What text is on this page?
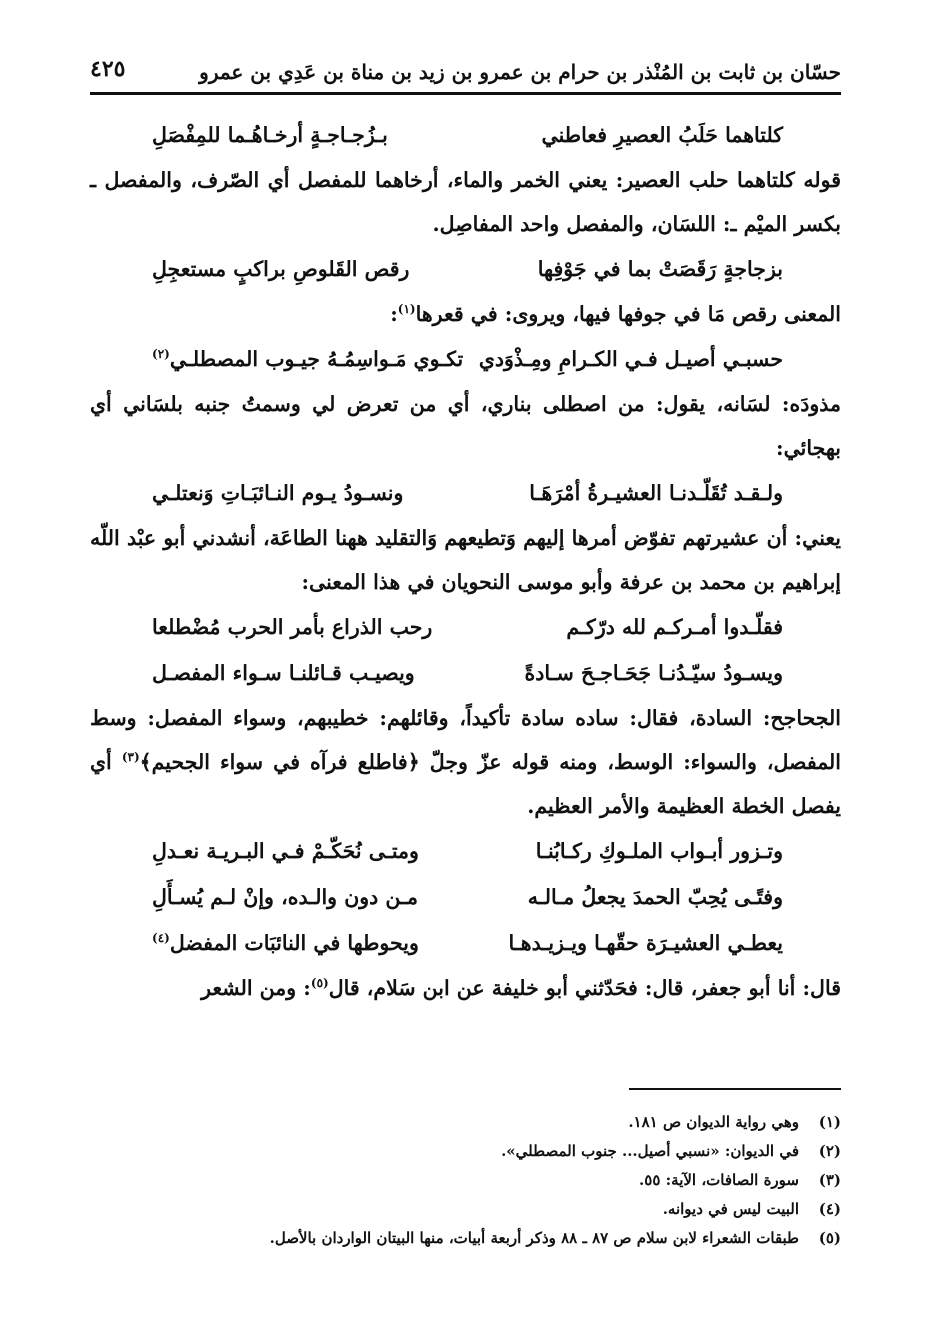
حسّان بن ثابت بن المُنْذر بن حرام بن عمرو بن زيد بن مناة بن عَدِي بن عمرو
٤٢٥
كلتاهما حَلَبُ العصيرِ فعاطني
بـزُجـاجـةٍ أرخـاهُـما للمِفْصَلِ

قوله كلتاهما حلب العصير: يعني الخمر والماء، أرخاهما للمفصل أي الصّرف، والمفصل ـ بكسر الميْم ـ: اللسَان، والمفصل واحد المفاصِل.

بزجاجةٍ رَقَصَتْ بما في جَوْفِها
رقص القَلوصِ براكبٍ مستعجِلِ

المعنى رقص مَا في جوفها فيها، ويروى: في قعرها$^{(١)}$:

حسبـي أصيـل فـي الكـرامِ ومِـذْوَدي
تكـوي مَـواسِمُـهُ جيـوب المصطلـي$^{(٢)}$

مذودَه: لسَانه، يقول: من اصطلى بناري، أي من تعرض لي وسمتُ جنبه بلسَاني أي بهجائي:

ولـقـد تُقَلّـدنـا العشيـرةُ أمْرَهَـا
ونسـودُ يـوم النـائبَـاتِ وَنعتلـي

يعني: أن عشيرتهم تفوّض أمرها إليهم وَتطيعهم وَالتقليد ههنا الطاعَة، أنشدني أبو عبْد اللّه إبراهيم بن محمد بن عرفة وأبو موسى النحويان في هذا المعنى:

فقلّـدوا أمـركـم لله درّكـم
رحب الذراع بأمر الحرب مُضْطلعا
ويسـودُ سيّـدُنـا جَحَـاجـحَ سـادةً
ويصيـب قـائلنـا سـواء المفصـل

الجحاجح: السادة، فقال: ساده سادة تأكيداً، وقائلهم: خطيبهم، وسواء المفصل: وسط المفصل، والسواء: الوسط، ومنه قوله عزّ وجلّ ﴿فاطلع فرآه في سواء الجحيم﴾$^{(٣)}$ أي يفصل الخطة العظيمة والأمر العظيم.

وتـزور أبـواب الملـوكِ ركـابُنـا
ومتـى نُحَكّـمْ فـي البـريـة نعـدلِ
وفتًـى يُحِبّ الحمدَ يجعلُ مـالـه
مـن دون والـده، وإنْ لـم يُسـأَلِ
يعطـي العشيـرَة حقّهـا ويـزيـدهـا
ويحوطها في النائبَات المفضل$^{(٤)}$

قال: أنا أبو جعفر، قال: فحَدّثني أبو خليفة عن ابن سَلام، قال$^{(٥)}$: ومن الشعر

(١)
وهي رواية الديوان ص ١٨١.
(٢)
في الديوان: «نسبي أصيل... جنوب المصطلي».
(٣)
سورة الصافات، الآية: ٥٥.
(٤)
البيت ليس في ديوانه.
(٥)
طبقات الشعراء لابن سلام ص ٨٧ ـ ٨٨ وذكر أربعة أبيات، منها البيتان الواردان بالأصل.
